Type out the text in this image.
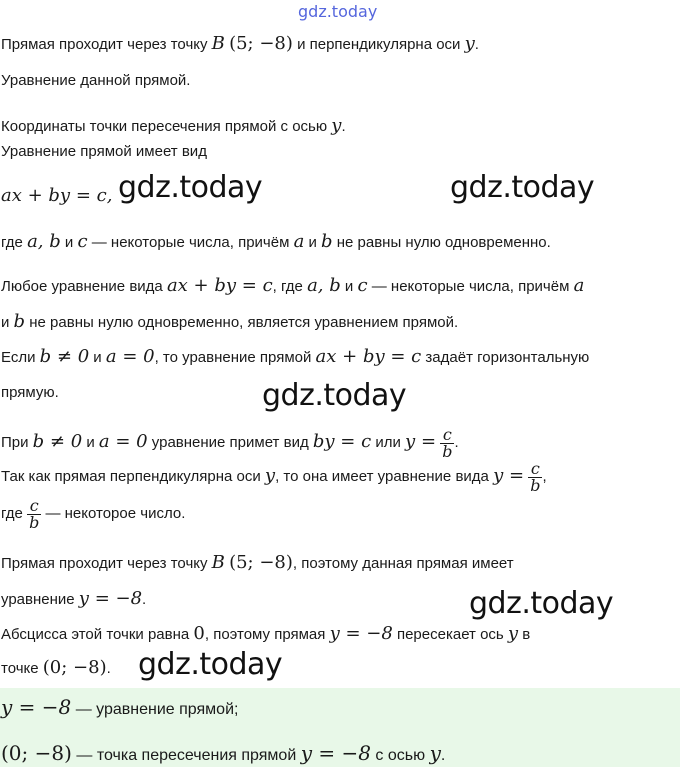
gdz.today
Прямая проходит через точку B (5; −8) и перпендикулярна оси y.
Уравнение данной прямой.
Координаты точки пересечения прямой с осью y.
Уравнение прямой имеет вид
ax + by = c,
где a, b и c — некоторые числа, причём a и b не равны нулю одновременно.
Любое уравнение вида ax + by = c, где a, b и c — некоторые числа, причём a
и b не равны нулю одновременно, является уравнением прямой.
Если b ≠ 0 и a = 0, то уравнение прямой ax + by = c задаёт горизонтальную
прямую.
При b ≠ 0 и a = 0 уравнение примет вид by = c или $y = \frac{c}{b}$ .
Так как прямая перпендикулярна оси y, то она имеет уравнение вида $y = \frac{c}{b}$ ,
где $\frac{c}{b}$ — некоторое число.
Прямая проходит через точку B (5; −8), поэтому данная прямая имеет
уравнение y = −8.
Абсцисса этой точки равна 0, поэтому прямая y = −8 пересекает ось y в
точке (0; −8).
y = −8 — уравнение прямой;
(0; −8) — точка пересечения прямой y = −8 с осью y.
gdz.today	gdz.today
gdz.today
gdz.today
gdz.today
